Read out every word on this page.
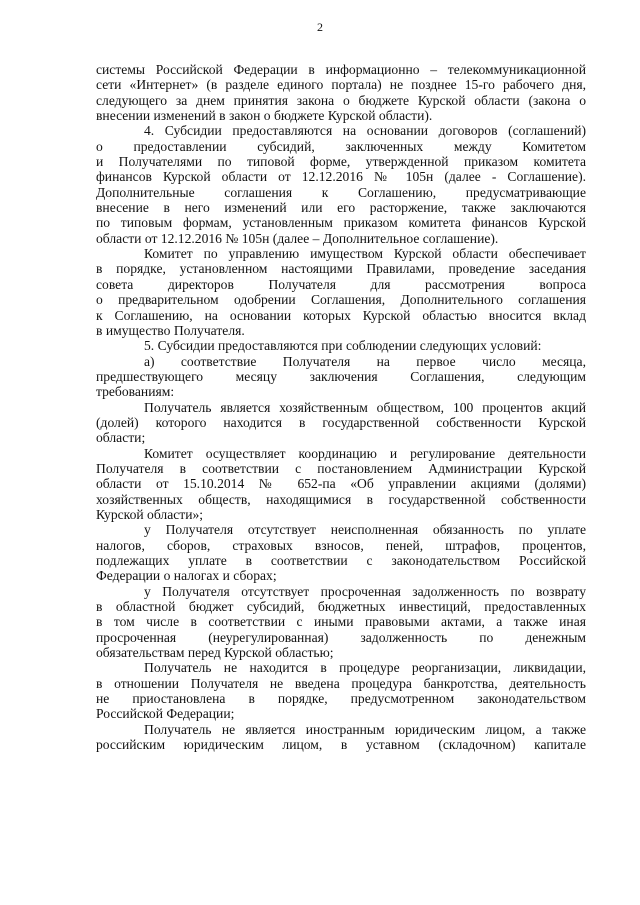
2
системы Российской Федерации в информационно – телекоммуникационной
сети «Интернет» (в разделе единого портала) не позднее 15-го рабочего дня,
следующего за днем принятия закона о бюджете Курской области (закона о
внесении изменений в закон о бюджете Курской области).
4. Субсидии предоставляются на основании договоров (соглашений)
о предоставлении субсидий, заключенных между Комитетом
и Получателями по типовой форме, утвержденной приказом комитета
финансов Курской области от 12.12.2016 № 105н (далее - Соглашение).
Дополнительные соглашения к Соглашению, предусматривающие
внесение в него изменений или его расторжение, также заключаются
по типовым формам, установленным приказом комитета финансов Курской
области от 12.12.2016 № 105н (далее – Дополнительное соглашение).
Комитет по управлению имуществом Курской области обеспечивает
в порядке, установленном настоящими Правилами, проведение заседания
совета директоров Получателя для рассмотрения вопроса
о предварительном одобрении Соглашения, Дополнительного соглашения
к Соглашению, на основании которых Курской областью вносится вклад
в имущество Получателя.
5. Субсидии предоставляются при соблюдении следующих условий:
а) соответствие Получателя на первое число месяца,
предшествующего месяцу заключения Соглашения, следующим
требованиям:
Получатель является хозяйственным обществом, 100 процентов акций
(долей) которого находится в государственной собственности Курской
области;
Комитет осуществляет координацию и регулирование деятельности
Получателя в соответствии с постановлением Администрации Курской
области от 15.10.2014 № 652-па «Об управлении акциями (долями)
хозяйственных обществ, находящимися в государственной собственности
Курской области»;
у Получателя отсутствует неисполненная обязанность по уплате
налогов, сборов, страховых взносов, пеней, штрафов, процентов,
подлежащих уплате в соответствии с законодательством Российской
Федерации о налогах и сборах;
у Получателя отсутствует просроченная задолженность по возврату
в областной бюджет субсидий, бюджетных инвестиций, предоставленных
в том числе в соответствии с иными правовыми актами, а также иная
просроченная (неурегулированная) задолженность по денежным
обязательствам перед Курской областью;
Получатель не находится в процедуре реорганизации, ликвидации,
в отношении Получателя не введена процедура банкротства, деятельность
не приостановлена в порядке, предусмотренном законодательством
Российской Федерации;
Получатель не является иностранным юридическим лицом, а также
российским юридическим лицом, в уставном (складочном) капитале
